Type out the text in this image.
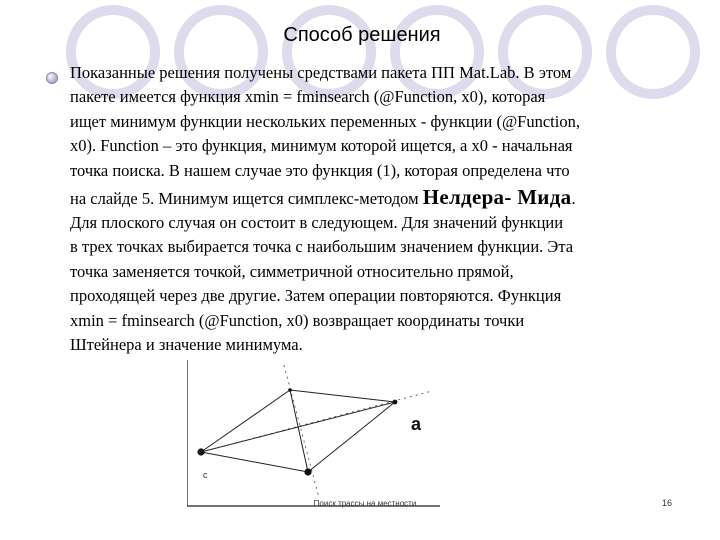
Способ решения
Показанные решения получены средствами пакета ПП Mat.Lab. В этом
пакете имеется функция xmin = fminsearch (@Function, x0), которая
ищет минимум функции нескольких переменных - функции (@Function,
x0). Function – это функция, минимум которой ищется, а x0 - начальная
точка поиска. В нашем случае это функция (1), которая определена что
на слайде 5. Минимум ищется симплекс-методом Нелдера- Мида.
Для плоского случая он состоит в следующем. Для значений функции
в трех точках выбирается точка с наибольшим значением функции. Эта
точка заменяется точкой, симметричной относительно прямой,
проходящей через две другие. Затем операции повторяются. Функция
xmin = fminsearch (@Function, x0) возвращает координаты точки
Штейнера и значение минимума.
a
c
Поиск трассы на местности	16
